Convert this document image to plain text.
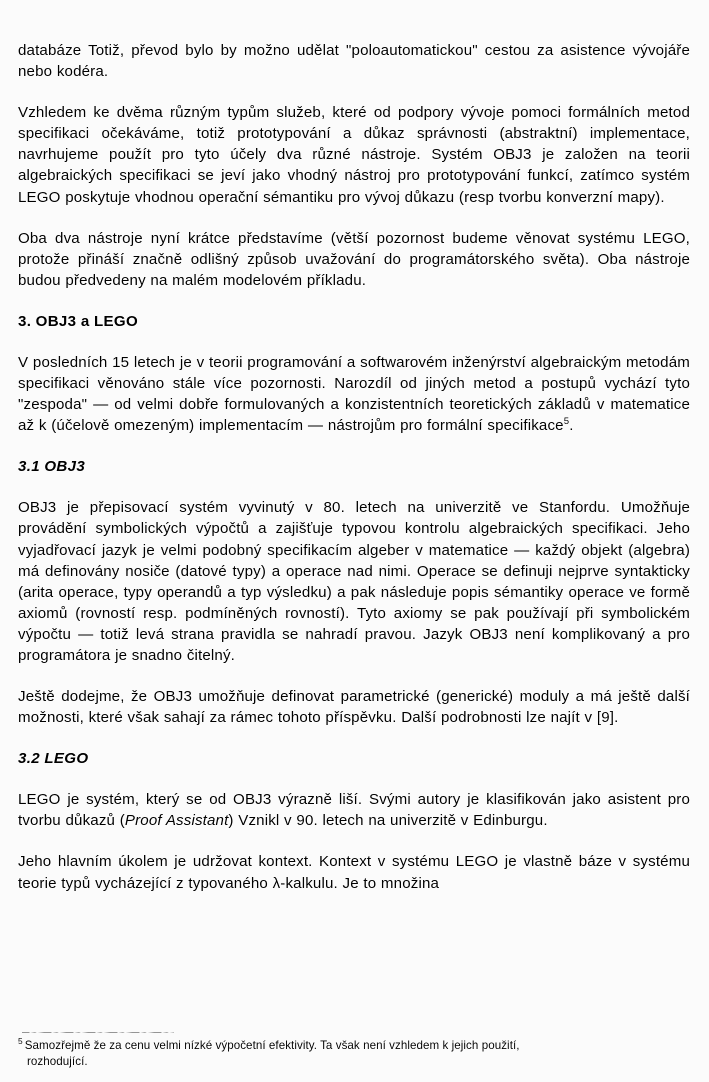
databáze Totiž, převod bylo by možno udělat "poloautomatickou" cestou za asistence vývojáře nebo kodéra.

Vzhledem ke dvěma různým typům služeb, které od podpory vývoje pomoci formálních metod specifikaci očekáváme, totiž prototypování a důkaz správnosti (abstraktní) implementace, navrhujeme použít pro tyto účely dva různé nástroje. Systém OBJ3 je založen na teorii algebraických specifikaci se jeví jako vhodný nástroj pro prototypování funkcí, zatímco systém LEGO poskytuje vhodnou operační sémantiku pro vývoj důkazu (resp tvorbu konverzní mapy).

Oba dva nástroje nyní krátce představíme (větší pozornost budeme věnovat systému LEGO, protože přináší značně odlišný způsob uvažování do programátorského světa). Oba nástroje budou předvedeny na malém modelovém příkladu.

3. OBJ3 a LEGO

V posledních 15 letech je v teorii programování a softwarovém inženýrství algebraickým metodám specifikaci věnováno stále více pozornosti. Narozdíl od jiných metod a postupů vychází tyto "zespoda" — od velmi dobře formulovaných a konzistentních teoretických základů v matematice až k (účelově omezeným) implementacím — nástrojům pro formální specifikace$^5$.

3.1 OBJ3

OBJ3 je přepisovací systém vyvinutý v 80. letech na univerzitě ve Stanfordu. Umožňuje provádění symbolických výpočtů a zajišťuje typovou kontrolu algebraických specifikaci. Jeho vyjadřovací jazyk je velmi podobný specifikacím algeber v matematice — každý objekt (algebra) má definovány nosiče (datové typy) a operace nad nimi. Operace se definuji nejprve syntakticky (arita operace, typy operandů a typ výsledku) a pak následuje popis sémantiky operace ve formě axiomů (rovností resp. podmíněných rovností). Tyto axiomy se pak používají při symbolickém výpočtu — totiž levá strana pravidla se nahradí pravou. Jazyk OBJ3 není komplikovaný a pro programátora je snadno čitelný.

Ještě dodejme, že OBJ3 umožňuje definovat parametrické (generické) moduly a má ještě další možnosti, které však sahají za rámec tohoto příspěvku. Další podrobnosti lze najít v [9].

3.2 LEGO

LEGO je systém, který se od OBJ3 výrazně liší. Svými autory je klasifikován jako asistent pro tvorbu důkazů (Proof Assistant) Vznikl v 90. letech na univerzitě v Edinburgu.

Jeho hlavním úkolem je udržovat kontext. Kontext v systému LEGO je vlastně báze v systému teorie typů vycházející z typovaného λ-kalkulu. Je to množina

$^5$ Samozřejmě že za cenu velmi nízké výpočetní efektivity. Ta však není vzhledem k jejich použití,
rozhodující.
